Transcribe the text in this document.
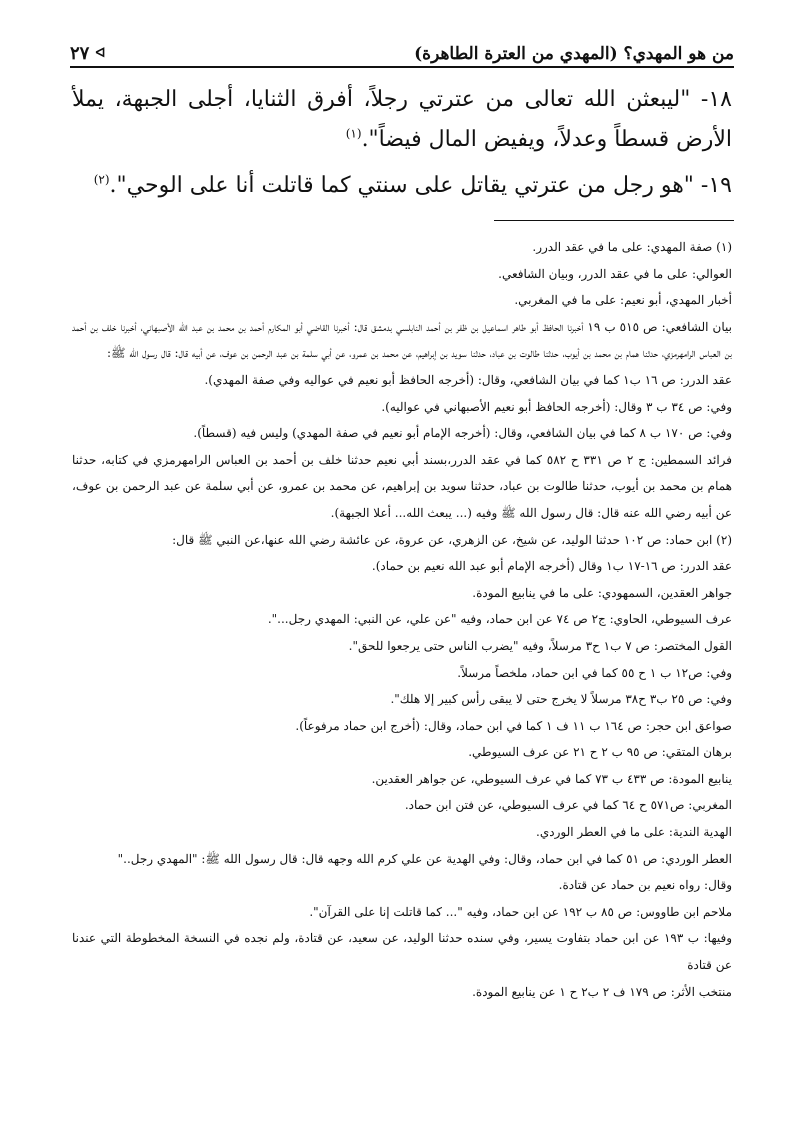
من هو المهدي؟ (المهدي من العترة الطاهرة)
٢٧ ᐊ

١٨- "ليبعثن الله تعالى من عترتي رجلاً، أفرق الثنايا، أجلى الجبهة، يملأ الأرض قسطاً وعدلاً، ويفيض المال فيضاً".$^{(١)}$

١٩- "هو رجل من عترتي يقاتل على سنتي كما قاتلت أنا على الوحي".$^{(٢)}$

(١) صفة المهدي: على ما في عقد الدرر.

العوالي: على ما في عقد الدرر، وبيان الشافعي.

أخبار المهدي، أبو نعيم: على ما في المغربي.

بيان الشافعي: ص ٥١٥ ب ١٩ أخبرنا الحافظ أبو طاهر اسماعيل بن ظفر بن أحمد النابلسي بدمشق قال: أخبرنا القاضي أبو المكارم أحمد بن محمد بن عبد الله الأصبهاني، أخبرنا خلف بن أحمد بن العباس الرامهرمزي، حدثنا همام بن محمد بن أيوب، حدثنا طالوت بن عباد، حدثنا سويد بن إبراهيم، عن محمد بن عمرو، عن أبي سلمة بن عبد الرحمن بن عوف، عن أبيه قال: قال رسول الله ﷺ:

عقد الدرر: ص ١٦ ب١ كما في بيان الشافعي، وقال: (أخرجه الحافظ أبو نعيم في عواليه وفي صفة المهدي).

وفي: ص ٣٤ ب ٣ وقال: (أخرجه الحافظ أبو نعيم الأصبهاني في عواليه).

وفي: ص ١٧٠ ب ٨ كما في بيان الشافعي، وقال: (أخرجه الإمام أبو نعيم في صفة المهدي) وليس فيه (قسطاً).

فرائد السمطين: ج ٢ ص ٣٣١ ح ٥٨٢ كما في عقد الدرر،بسند أبي نعيم حدثنا خلف بن أحمد بن العباس الرامهرمزي في كتابه، حدثنا همام بن محمد بن أيوب، حدثنا طالوت بن عباد، حدثنا سويد بن إبراهيم، عن محمد بن عمرو، عن أبي سلمة عن عبد الرحمن بن عوف، عن أبيه رضي الله عنه قال: قال رسول الله ﷺ وفيه (... يبعث الله... أعلا الجبهة).

(٢) ابن حماد: ص ١٠٢ حدثنا الوليد، عن شيخ، عن الزهري، عن عروة، عن عائشة رضي الله عنها،عن النبي ﷺ قال:

عقد الدرر: ص ١٦-١٧ ب١ وقال (أخرجه الإمام أبو عبد الله نعيم بن حماد).

جواهر العقدين، السمهودي: على ما في ينابيع المودة.

عرف السيوطي، الحاوي: ج٢ ص ٧٤ عن ابن حماد، وفيه "عن علي، عن النبي: المهدي رجل...".

القول المختصر: ص ٧ ب١ ح٣ مرسلاً، وفيه "يضرب الناس حتى يرجعوا للحق".

وفي: ص١٢ ب ١ ح ٥٥ كما في ابن حماد، ملخصاً مرسلاً.

وفي: ص ٢٥ ب٣ ح٣٨ مرسلاً لا يخرج حتى لا يبقى رأس كبير إلا هلك".

صواعق ابن حجر: ص ١٦٤ ب ١١ ف ١ كما في ابن حماد، وقال: (أخرج ابن حماد مرفوعاً).

برهان المتقي: ص ٩٥ ب ٢ ح ٢١ عن عرف السيوطي.

ينابيع المودة: ص ٤٣٣ ب ٧٣ كما في عرف السيوطي، عن جواهر العقدين.

المغربي: ص٥٧١ ح ٦٤ كما في عرف السيوطي، عن فتن ابن حماد.

الهدية الندية: على ما في العطر الوردي.

العطر الوردي: ص ٥١ كما في ابن حماد، وقال: وفي الهدية عن علي كرم الله وجهه قال: قال رسول الله ﷺ: "المهدي رجل.."

وقال: رواه نعيم بن حماد عن قتادة.

ملاحم ابن طاووس: ص ٨٥ ب ١٩٢ عن ابن حماد، وفيه "... كما قاتلت إنا على القرآن".

وفيها: ب ١٩٣ عن ابن حماد بتفاوت يسير، وفي سنده حدثنا الوليد، عن سعيد، عن قتادة، ولم نجده في النسخة المخطوطة التي عندنا عن قتادة

منتخب الأثر: ص ١٧٩ ف ٢ ب٢ ح ١ عن ينابيع المودة.
